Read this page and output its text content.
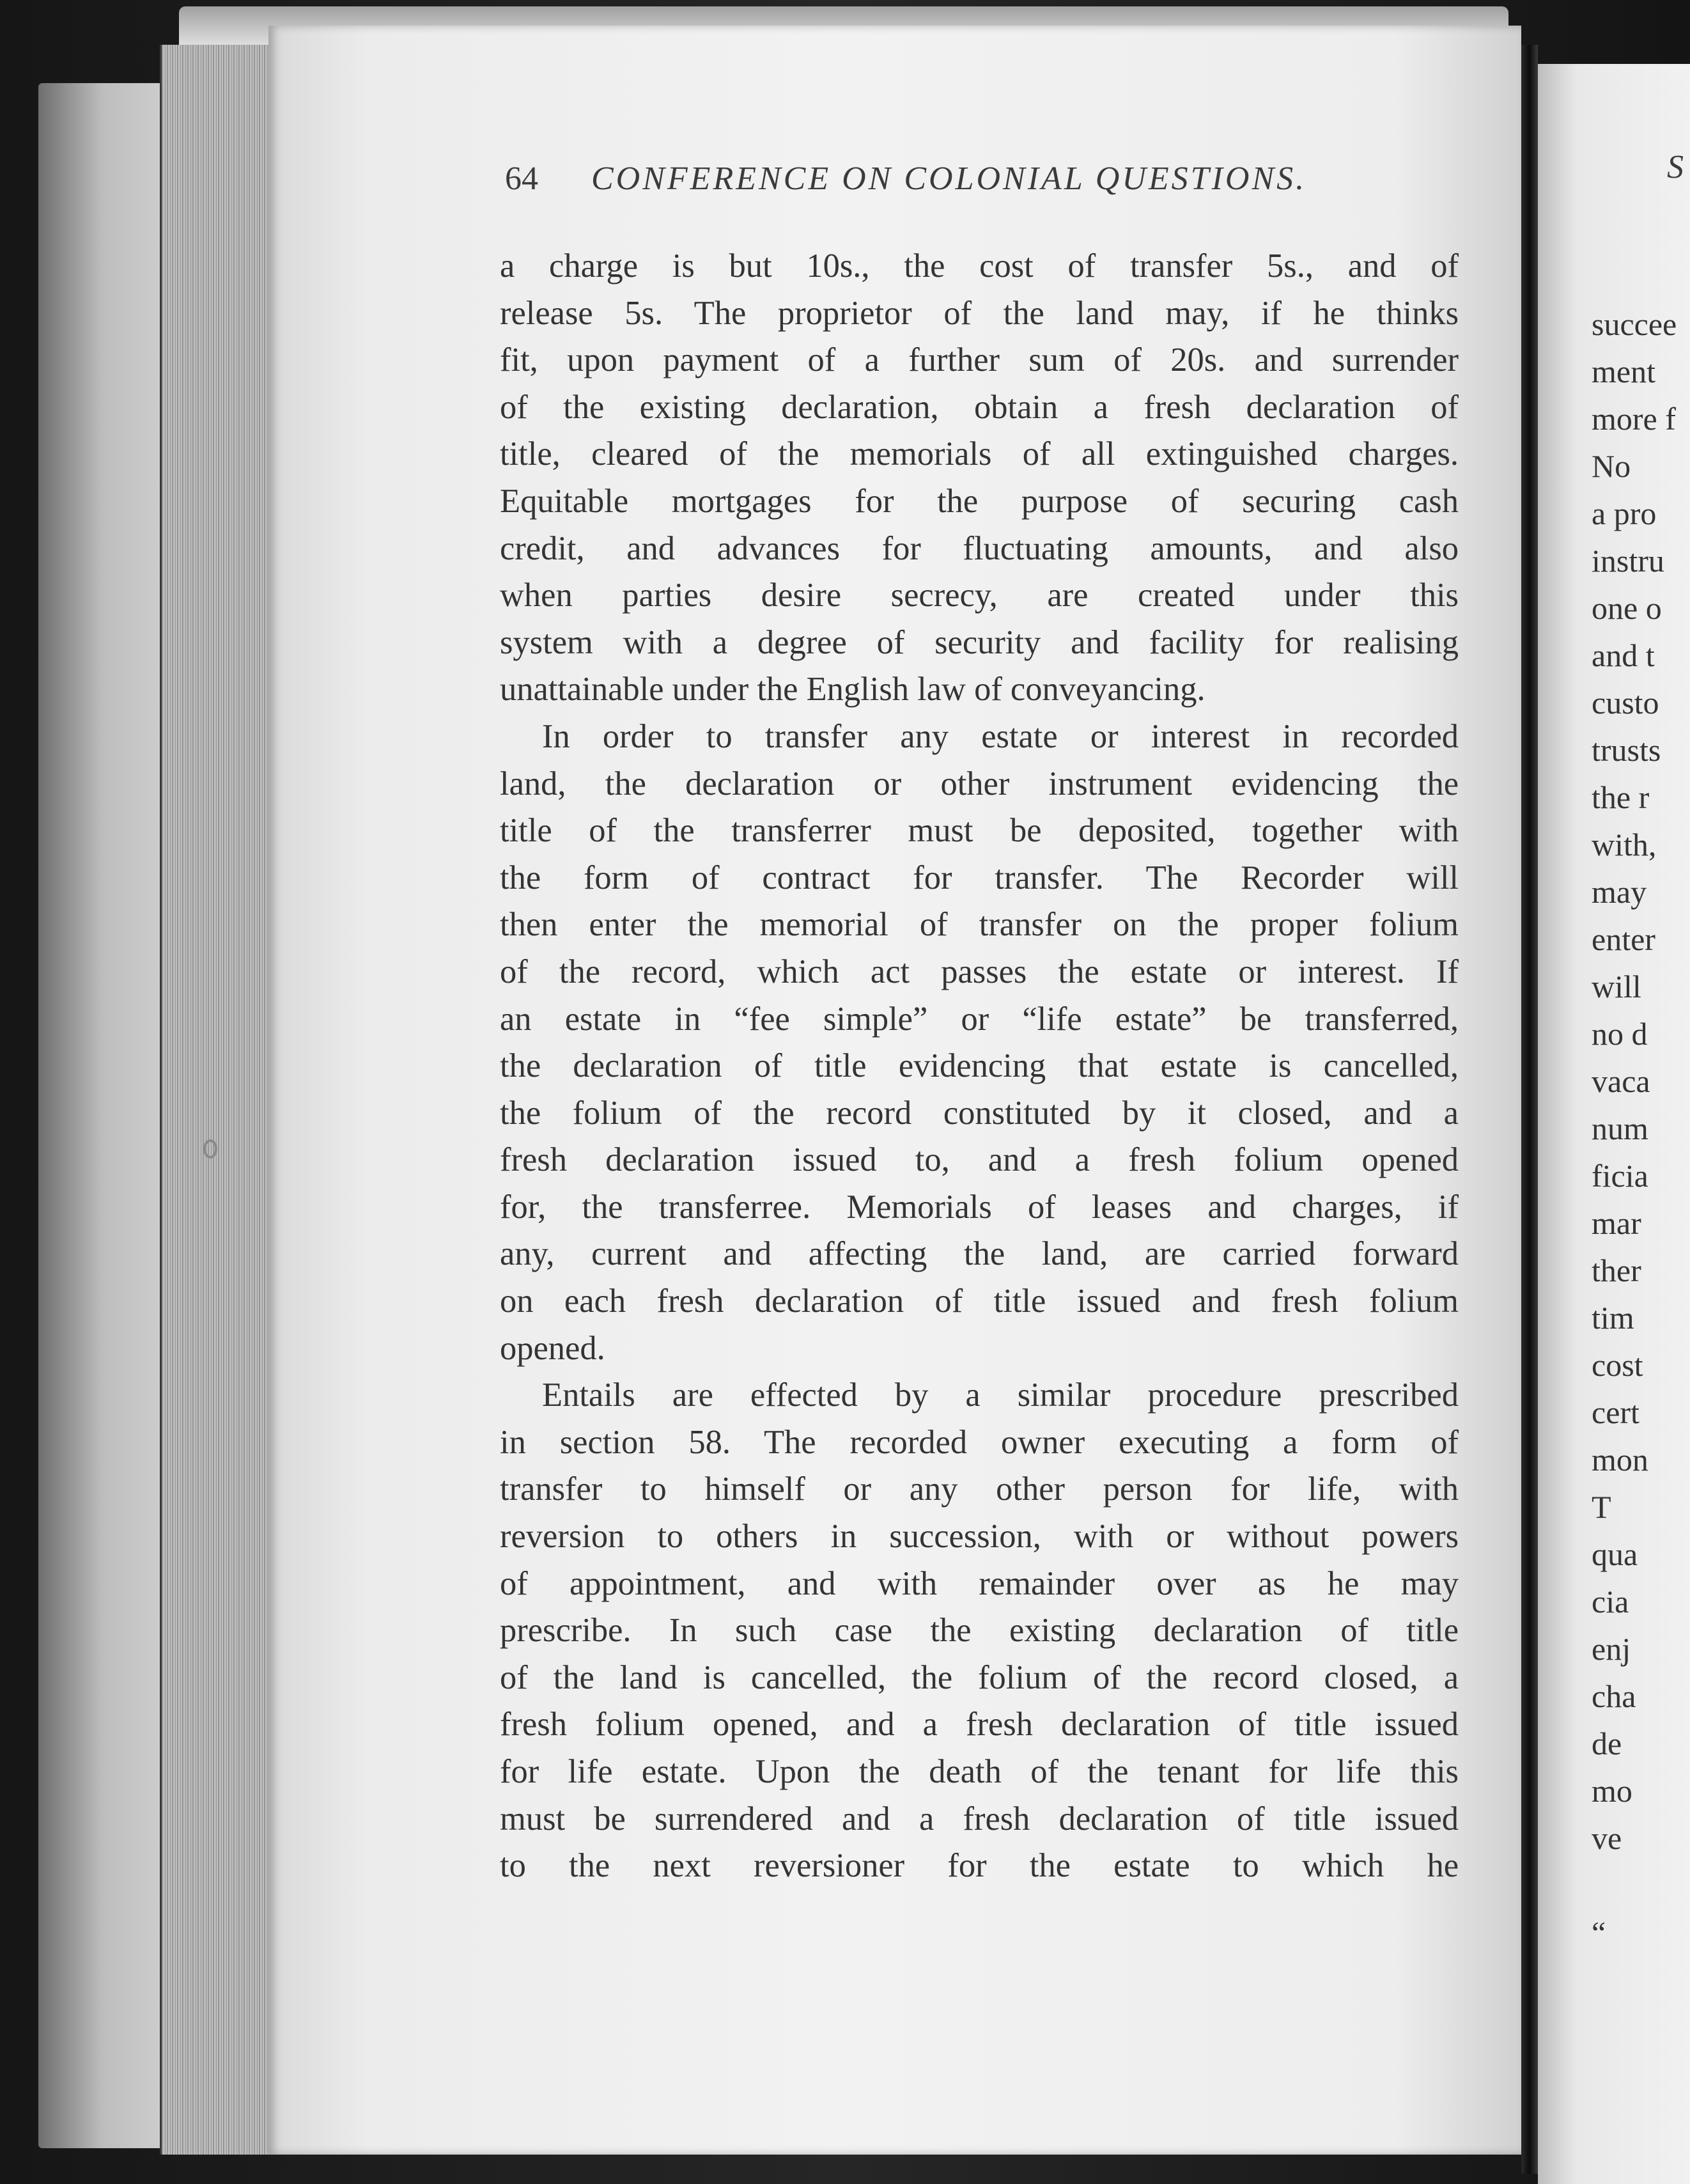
64 CONFERENCE ON COLONIAL QUESTIONS.
a charge is but 10s., the cost of transfer 5s., and of
release 5s. The proprietor of the land may, if he thinks
fit, upon payment of a further sum of 20s. and surrender
of the existing declaration, obtain a fresh declaration of
title, cleared of the memorials of all extinguished charges.
Equitable mortgages for the purpose of securing cash
credit, and advances for fluctuating amounts, and also
when parties desire secrecy, are created under this
system with a degree of security and facility for realising
unattainable under the English law of conveyancing.
In order to transfer any estate or interest in recorded
land, the declaration or other instrument evidencing the
title of the transferrer must be deposited, together with
the form of contract for transfer. The Recorder will
then enter the memorial of transfer on the proper folium
of the record, which act passes the estate or interest. If
an estate in “fee simple” or “life estate” be transferred,
the declaration of title evidencing that estate is cancelled,
the folium of the record constituted by it closed, and a
fresh declaration issued to, and a fresh folium opened
for, the transferree. Memorials of leases and charges, if
any, current and affecting the land, are carried forward
on each fresh declaration of title issued and fresh folium
opened.
Entails are effected by a similar procedure prescribed
in section 58. The recorded owner executing a form of
transfer to himself or any other person for life, with
reversion to others in succession, with or without powers
of appointment, and with remainder over as he may
prescribe. In such case the existing declaration of title
of the land is cancelled, the folium of the record closed, a
fresh folium opened, and a fresh declaration of title issued
for life estate. Upon the death of the tenant for life this
must be surrendered and a fresh declaration of title issued
to the next reversioner for the estate to which he
S
succee
ment
more f
No
a pro
instru
one o
and t
custo
trusts
the r
with,
may
enter
will
no d
vaca
num
ficia
mar
ther
tim
cost
cert
mon
T
qua
cia
enj
cha
de
mo
ve
“
